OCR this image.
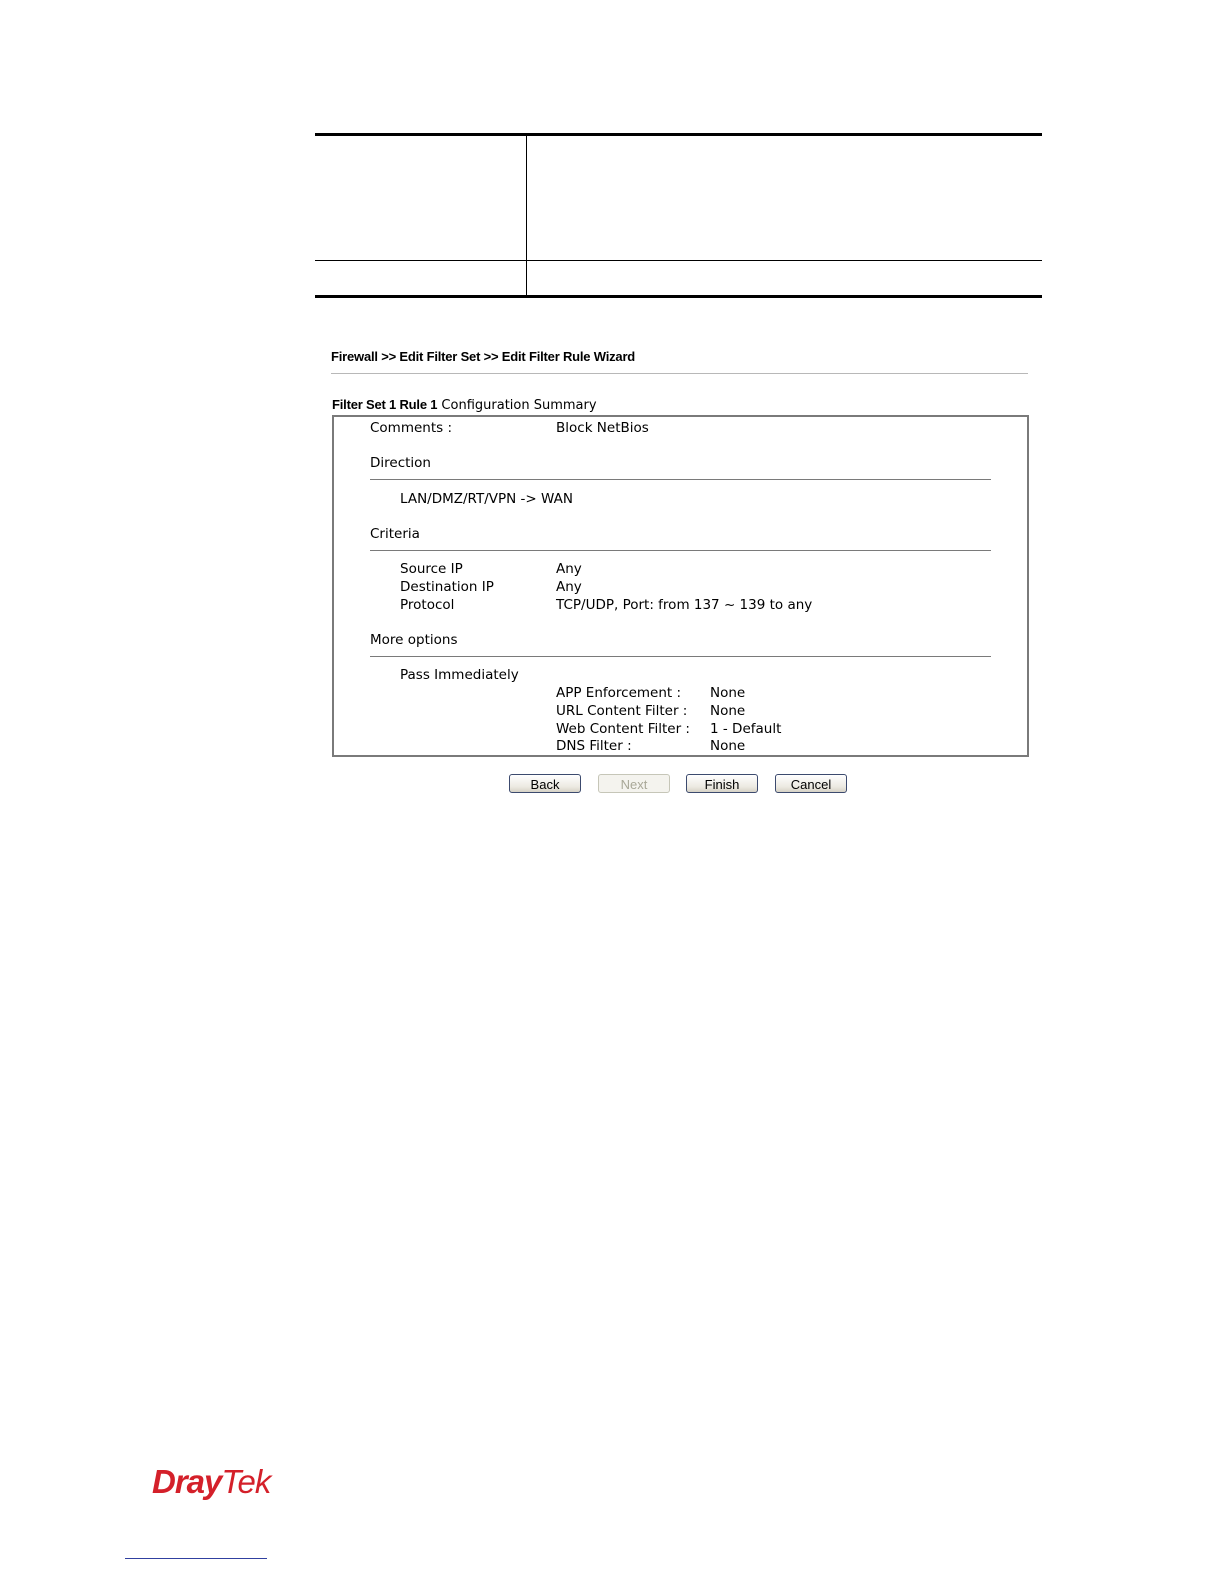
Firewall >> Edit Filter Set >> Edit Filter Rule Wizard
Filter Set 1 Rule 1 Configuration Summary
Comments :	Block NetBios
Direction
LAN/DMZ/RT/VPN -> WAN
Criteria
Source IP	Any
Destination IP	Any
Protocol	TCP/UDP, Port: from 137 ~ 139 to any
More options
Pass Immediately
APP Enforcement : None
URL Content Filter : None
Web Content Filter : 1 - Default
DNS Filter :	None
Back	Next	Finish	Cancel
DrayTek
